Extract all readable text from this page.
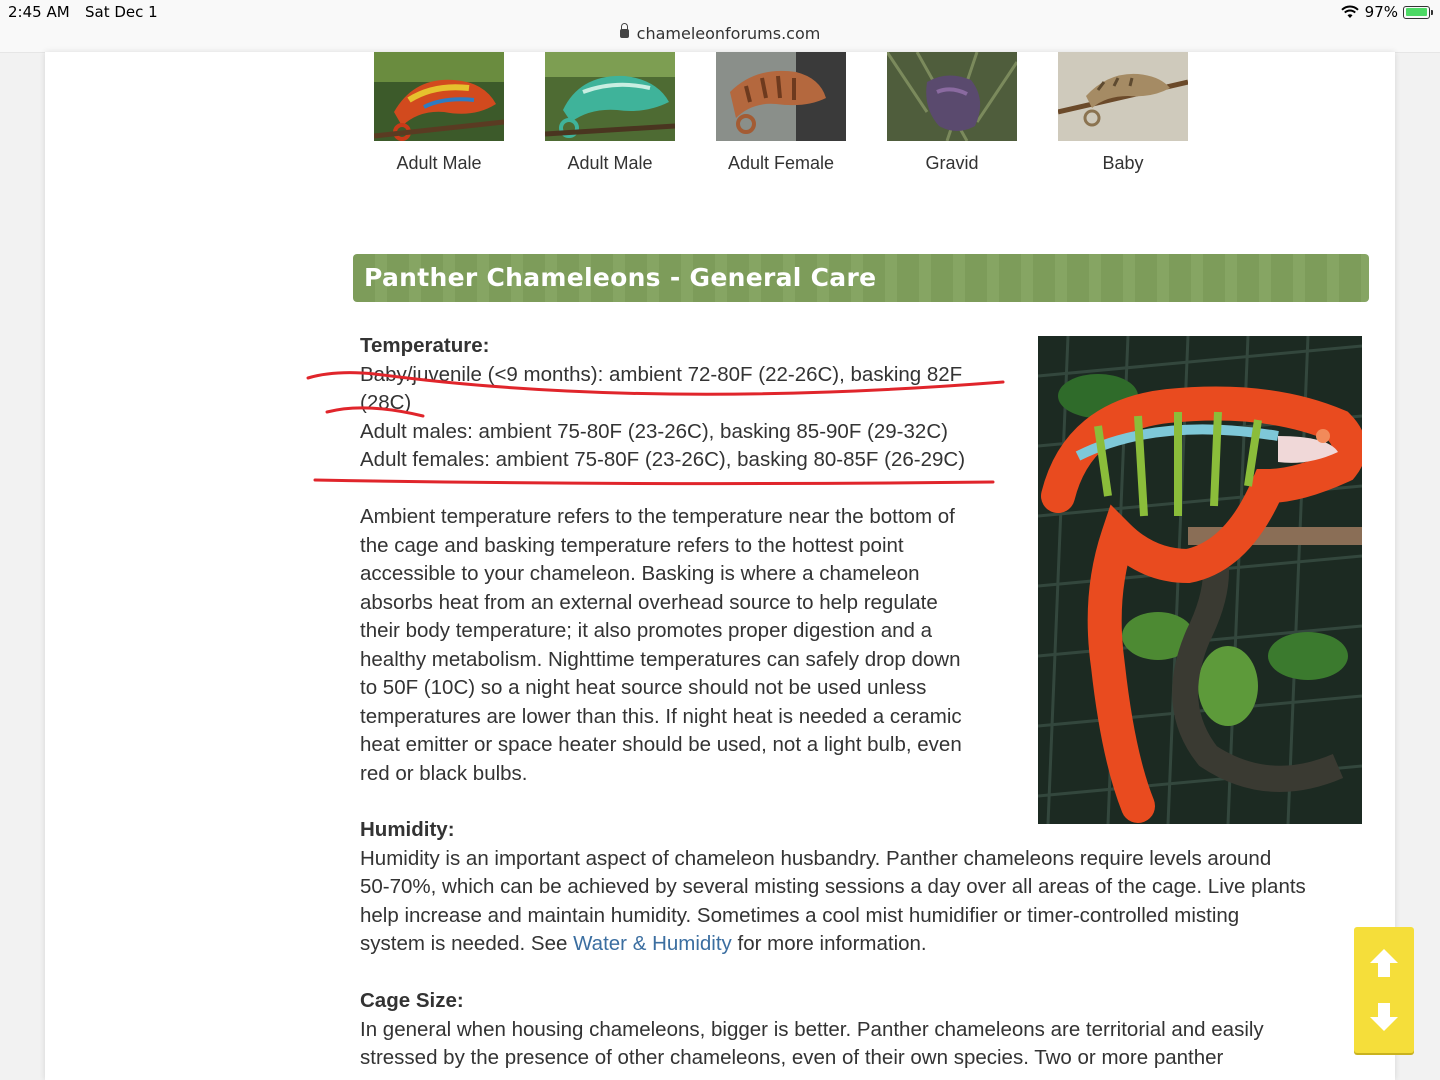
2:45 AM Sat Dec 1	97%
chameleonforums.com
Adult Male	Adult Male	Adult Female	Gravid	Baby
Panther Chameleons - General Care
Temperature:
Baby/juvenile (<9 months): ambient 72-80F (22-26C), basking 82F
(28C)
Adult males: ambient 75-80F (23-26C), basking 85-90F (29-32C)
Adult females: ambient 75-80F (23-26C), basking 80-85F (26-29C)
Ambient temperature refers to the temperature near the bottom of
the cage and basking temperature refers to the hottest point
accessible to your chameleon. Basking is where a chameleon
absorbs heat from an external overhead source to help regulate
their body temperature; it also promotes proper digestion and a
healthy metabolism. Nighttime temperatures can safely drop down
to 50F (10C) so a night heat source should not be used unless
temperatures are lower than this. If night heat is needed a ceramic
heat emitter or space heater should be used, not a light bulb, even
red or black bulbs.
Humidity:
Humidity is an important aspect of chameleon husbandry. Panther chameleons require levels around
50-70%, which can be achieved by several misting sessions a day over all areas of the cage. Live plants
help increase and maintain humidity. Sometimes a cool mist humidifier or timer-controlled misting
system is needed. See Water & Humidity for more information.
Cage Size:
In general when housing chameleons, bigger is better. Panther chameleons are territorial and easily
stressed by the presence of other chameleons, even of their own species. Two or more panther
